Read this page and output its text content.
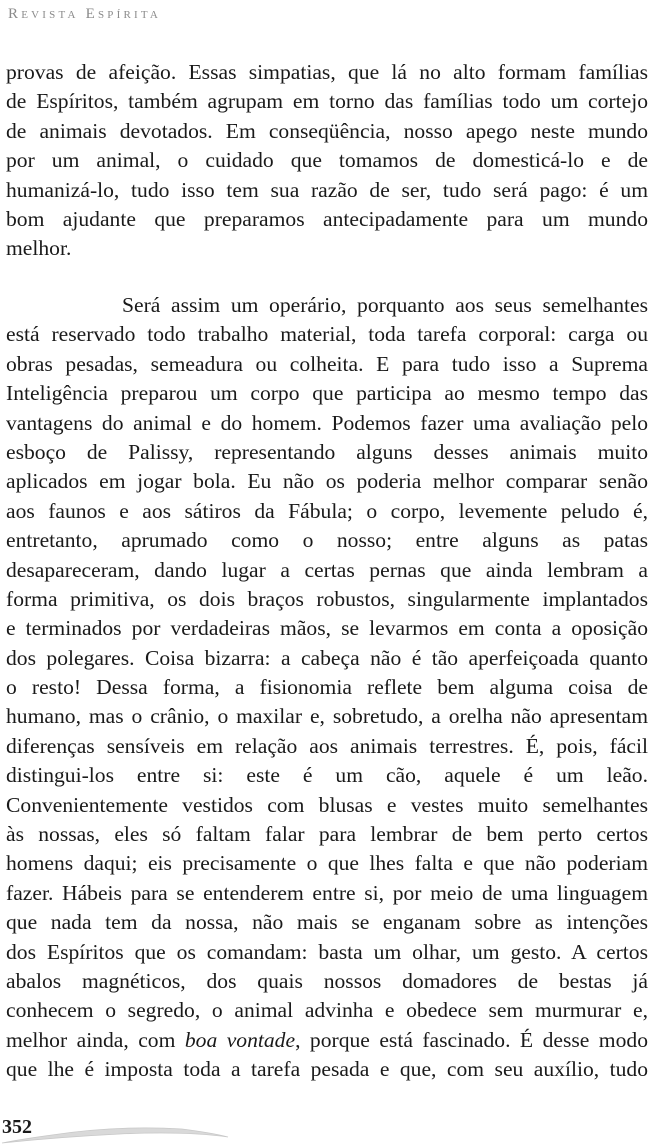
Revista Espírita
provas de afeição. Essas simpatias, que lá no alto formam famílias
de Espíritos, também agrupam em torno das famílias todo um cortejo
de animais devotados. Em conseqüência, nosso apego neste mundo
por um animal, o cuidado que tomamos de domesticá-lo e de
humanizá-lo, tudo isso tem sua razão de ser, tudo será pago: é um
bom ajudante que preparamos antecipadamente para um mundo
melhor.
Será assim um operário, porquanto aos seus semelhantes
está reservado todo trabalho material, toda tarefa corporal: carga ou
obras pesadas, semeadura ou colheita. E para tudo isso a Suprema
Inteligência preparou um corpo que participa ao mesmo tempo das
vantagens do animal e do homem. Podemos fazer uma avaliação pelo
esboço de Palissy, representando alguns desses animais muito
aplicados em jogar bola. Eu não os poderia melhor comparar senão
aos faunos e aos sátiros da Fábula; o corpo, levemente peludo é,
entretanto, aprumado como o nosso; entre alguns as patas
desapareceram, dando lugar a certas pernas que ainda lembram a
forma primitiva, os dois braços robustos, singularmente implantados
e terminados por verdadeiras mãos, se levarmos em conta a oposição
dos polegares. Coisa bizarra: a cabeça não é tão aperfeiçoada quanto
o resto! Dessa forma, a fisionomia reflete bem alguma coisa de
humano, mas o crânio, o maxilar e, sobretudo, a orelha não apresentam
diferenças sensíveis em relação aos animais terrestres. É, pois, fácil
distingui-los entre si: este é um cão, aquele é um leão.
Convenientemente vestidos com blusas e vestes muito semelhantes
às nossas, eles só faltam falar para lembrar de bem perto certos
homens daqui; eis precisamente o que lhes falta e que não poderiam
fazer. Hábeis para se entenderem entre si, por meio de uma linguagem
que nada tem da nossa, não mais se enganam sobre as intenções
dos Espíritos que os comandam: basta um olhar, um gesto. A certos
abalos magnéticos, dos quais nossos domadores de bestas já
conhecem o segredo, o animal advinha e obedece sem murmurar e,
melhor ainda, com boa vontade, porque está fascinado. É desse modo
que lhe é imposta toda a tarefa pesada e que, com seu auxílio, tudo
352
